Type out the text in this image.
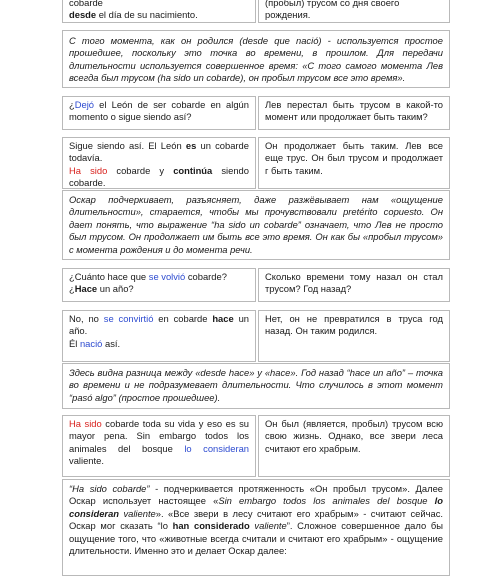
cobarde
desde el día de su nacimiento.
(пробыл) трусом со дня своего
рождения.
С того момента, как он родился (desde que nació) - используется простое прошедшее, поскольку это точка во времени, в прошлом. Для передачи длительности используется совершенное время: «С того самого момента Лев всегда был трусом (ha sido un cobarde), он пробыл трусом все это время».
¿Dejó el León de ser cobarde en algún momento o sigue siendo así?
Лев перестал быть трусом в какой-то момент или продолжает быть таким?
Sigue siendo así. El León es un cobarde todavía.
Ha sido cobarde y continúa siendo cobarde.
Он продолжает быть таким. Лев все еще трус. Он был трусом и продолжает г быть таким.
Оскар подчеркивает, разъясняет, даже разжёвывает нам «ощущение длительности», старается, чтобы мы прочувствовали pretérito copuesto. Он дает понять, что выражение “ha sido un cobarde” означает, что Лев не просто был трусом. Он продолжает им быть все это время. Он как бы «пробыл трусом» с момента рождения и до момента речи.
¿Cuánto hace que se volvió cobarde?
¿Hace un año?
Сколько времени тому назал он стал трусом? Год назад?
No, no se convirtió en cobarde hace un año.
Él nació así.
Нет, он не превратился в труса год назад. Он таким родился.
Здесь видна разница между «desde hace» у «hace». Год назад “hace un año” – точка во времени и не подразумевает длительности. Что случилось в этот момент “pasó algo” (простое прошедшее).
Ha sido cobarde toda su vida y eso es su mayor pena. Sin embargo todos los animales del bosque lo consideran valiente.
Он был (является, пробыл) трусом всю свою жизнь. Однако, все звери леса считают его храбрым.
“Ha sido cobarde” - подчеркивается протяженность «Он пробыл трусом». Далее Оскар использует настоящее «Sin embargo todos los animales del bosque lo consideran valiente». «Все звери в лесу считают его храбрым» - считают сейчас. Оскар мог сказать “lo han considerado valiente”. Сложное совершенное дало бы ощущение того, что «животные всегда считали и считают его храбрым» - ощущение длительности. Именно это и делает Оскар далее:
